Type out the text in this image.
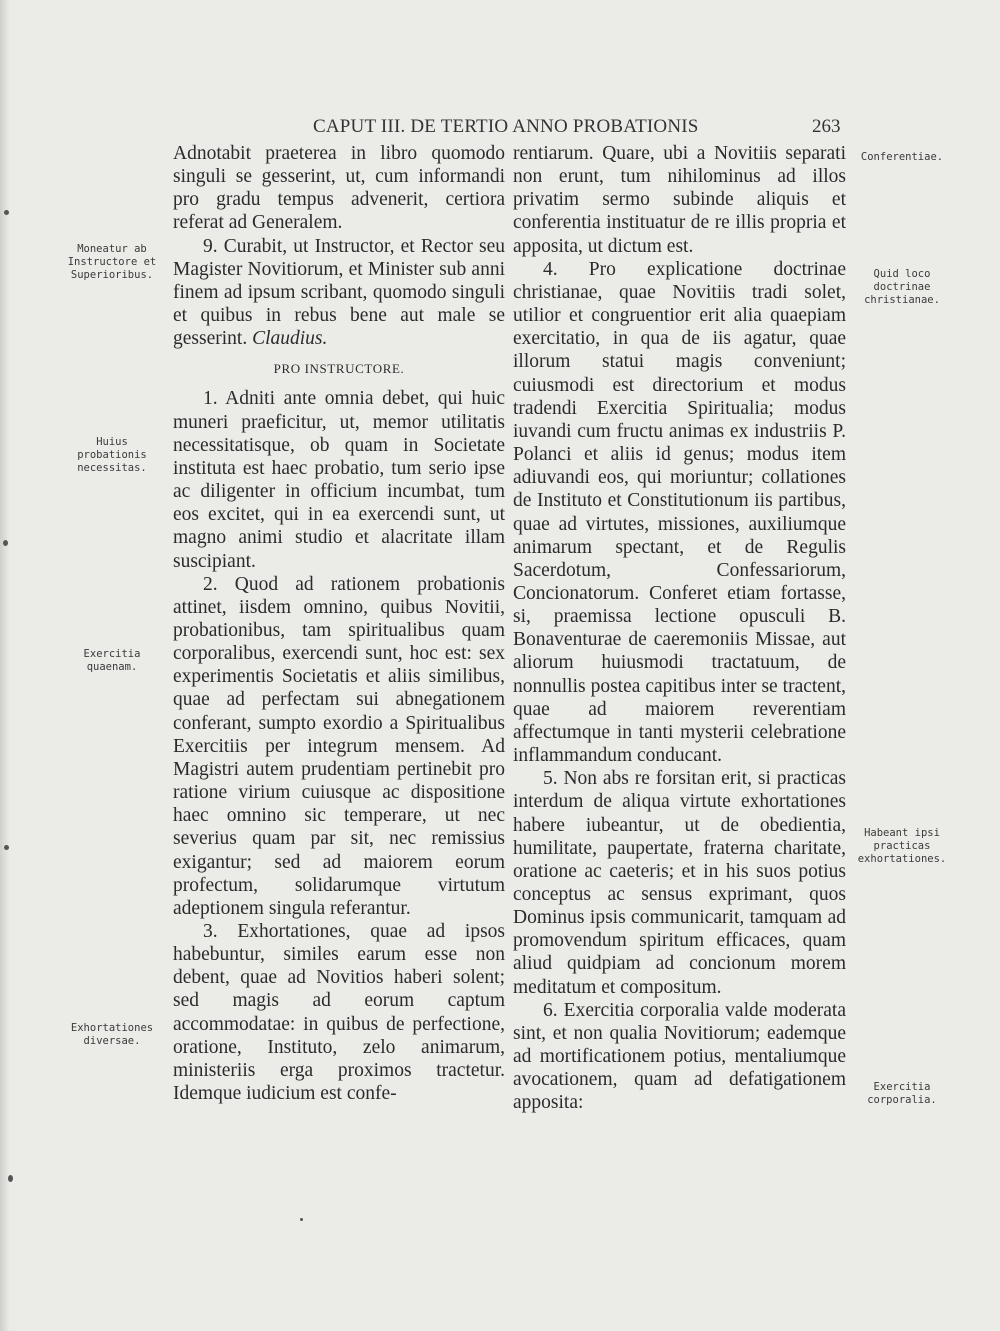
CAPUT III. DE TERTIO ANNO PROBATIONIS	263
Moneatur ab Instructore et Superioribus.
Huius probationis necessitas.
Exercitia quaenam.
Exhortationes diversae.
Conferentiae.
Quid loco doctrinae christianae.
Habeant ipsi practicas exhortationes.
Exercitia corporalia.

Adnotabit praeterea in libro quomodo singuli se gesserint, ut, cum informandi pro gradu tempus advenerit, certiora referat ad Generalem.

9. Curabit, ut Instructor, et Rector seu Magister Novitiorum, et Minister sub anni finem ad ipsum scribant, quomodo singuli et quibus in rebus bene aut male se gesserint. Claudius.

PRO INSTRUCTORE.

1. Adniti ante omnia debet, qui huic muneri praeficitur, ut, memor utilitatis necessitatisque, ob quam in Societate instituta est haec probatio, tum serio ipse ac diligenter in officium incumbat, tum eos excitet, qui in ea exercendi sunt, ut magno animi studio et alacritate illam suscipiant.

2. Quod ad rationem probationis attinet, iisdem omnino, quibus Novitii, probationibus, tam spiritualibus quam corporalibus, exercendi sunt, hoc est: sex experimentis Societatis et aliis similibus, quae ad perfectam sui abnegationem conferant, sumpto exordio a Spiritualibus Exercitiis per integrum mensem. Ad Magistri autem prudentiam pertinebit pro ratione virium cuiusque ac dispositione haec omnino sic temperare, ut nec severius quam par sit, nec remissius exigantur; sed ad maiorem eorum profectum, solidarumque virtutum adeptionem singula referantur.

3. Exhortationes, quae ad ipsos habebuntur, similes earum esse non debent, quae ad Novitios haberi solent; sed magis ad eorum captum accommodatae: in quibus de perfectione, oratione, Instituto, zelo animarum, ministeriis erga proximos tractetur. Idemque iudicium est confe-

rentiarum. Quare, ubi a Novitiis separati non erunt, tum nihilominus ad illos privatim sermo subinde aliquis et conferentia instituatur de re illis propria et apposita, ut dictum est.

4. Pro explicatione doctrinae christianae, quae Novitiis tradi solet, utilior et congruentior erit alia quaepiam exercitatio, in qua de iis agatur, quae illorum statui magis conveniunt; cuiusmodi est directorium et modus tradendi Exercitia Spiritualia; modus iuvandi cum fructu animas ex industriis P. Polanci et aliis id genus; modus item adiuvandi eos, qui moriuntur; collationes de Instituto et Constitutionum iis partibus, quae ad virtutes, missiones, auxiliumque animarum spectant, et de Regulis Sacerdotum, Confessariorum, Concionatorum. Conferet etiam fortasse, si, praemissa lectione opusculi B. Bonaventurae de caeremoniis Missae, aut aliorum huiusmodi tractatuum, de nonnullis postea capitibus inter se tractent, quae ad maiorem reverentiam affectumque in tanti mysterii celebratione inflammandum conducant.

5. Non abs re forsitan erit, si practicas interdum de aliqua virtute exhortationes habere iubeantur, ut de obedientia, humilitate, paupertate, fraterna charitate, oratione ac caeteris; et in his suos potius conceptus ac sensus exprimant, quos Dominus ipsis communicarit, tamquam ad promovendum spiritum efficaces, quam aliud quidpiam ad concionum morem meditatum et compositum.

6. Exercitia corporalia valde moderata sint, et non qualia Novitiorum; eademque ad mortificationem potius, mentaliumque avocationem, quam ad defatigationem apposita:
